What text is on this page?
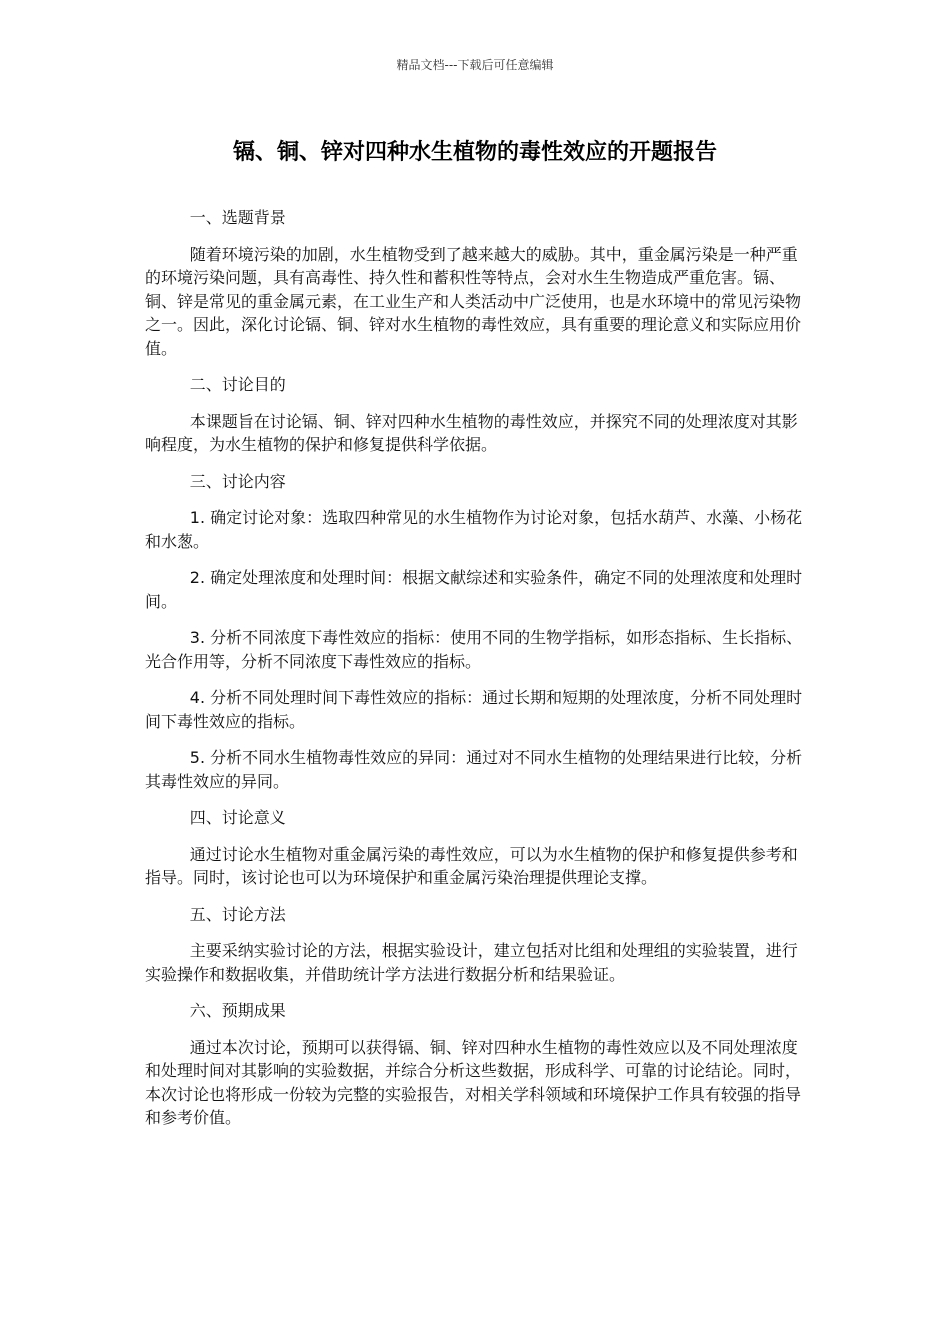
精品文档---下载后可任意编辑
镉、铜、锌对四种水生植物的毒性效应的开题报告

一、选题背景

随着环境污染的加剧，水生植物受到了越来越大的威胁。其中，重金属污染是一种严重的环境污染问题，具有高毒性、持久性和蓄积性等特点，会对水生生物造成严重危害。镉、铜、锌是常见的重金属元素，在工业生产和人类活动中广泛使用，也是水环境中的常见污染物之一。因此，深化讨论镉、铜、锌对水生植物的毒性效应，具有重要的理论意义和实际应用价值。

二、讨论目的

本课题旨在讨论镉、铜、锌对四种水生植物的毒性效应，并探究不同的处理浓度对其影响程度，为水生植物的保护和修复提供科学依据。

三、讨论内容

1. 确定讨论对象：选取四种常见的水生植物作为讨论对象，包括水葫芦、水藻、小杨花和水葱。

2. 确定处理浓度和处理时间：根据文献综述和实验条件，确定不同的处理浓度和处理时间。

3. 分析不同浓度下毒性效应的指标：使用不同的生物学指标，如形态指标、生长指标、光合作用等，分析不同浓度下毒性效应的指标。

4. 分析不同处理时间下毒性效应的指标：通过长期和短期的处理浓度，分析不同处理时间下毒性效应的指标。

5. 分析不同水生植物毒性效应的异同：通过对不同水生植物的处理结果进行比较，分析其毒性效应的异同。

四、讨论意义

通过讨论水生植物对重金属污染的毒性效应，可以为水生植物的保护和修复提供参考和指导。同时，该讨论也可以为环境保护和重金属污染治理提供理论支撑。

五、讨论方法

主要采纳实验讨论的方法，根据实验设计，建立包括对比组和处理组的实验装置，进行实验操作和数据收集，并借助统计学方法进行数据分析和结果验证。

六、预期成果

通过本次讨论，预期可以获得镉、铜、锌对四种水生植物的毒性效应以及不同处理浓度和处理时间对其影响的实验数据，并综合分析这些数据，形成科学、可靠的讨论结论。同时，本次讨论也将形成一份较为完整的实验报告，对相关学科领域和环境保护工作具有较强的指导和参考价值。
